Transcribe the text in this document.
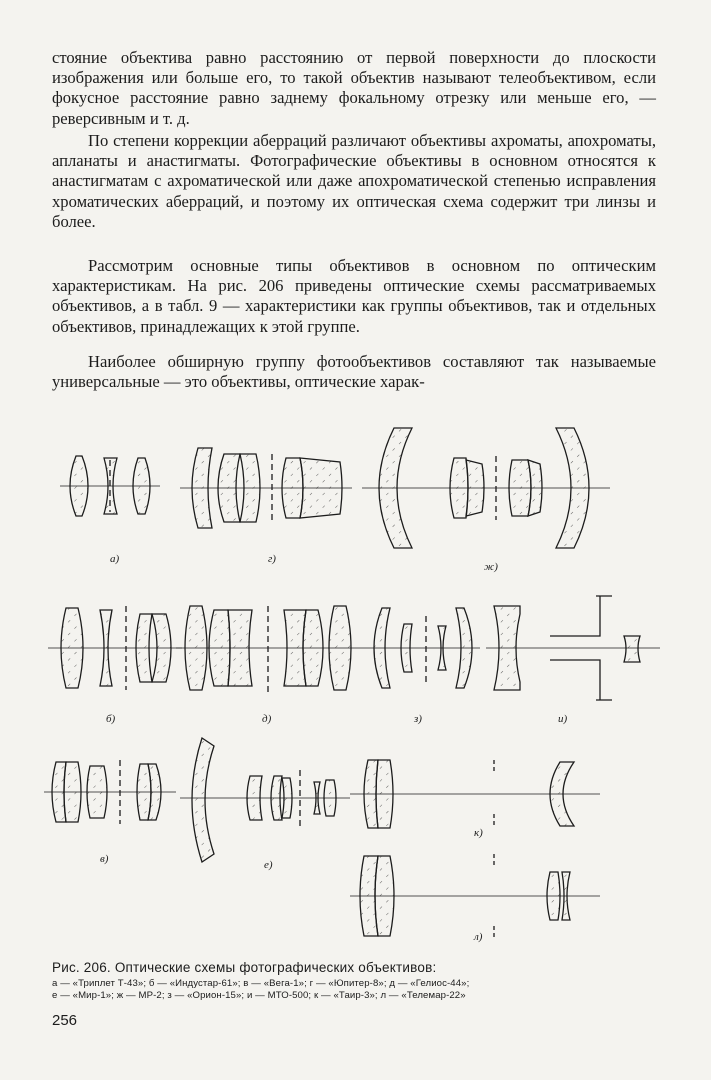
стояние объектива равно расстоянию от первой поверхности до плоскости изображения или больше его, то такой объектив называют телеобъективом, если фокусное расстояние равно заднему фокальному отрезку или меньше его, — реверсивным и т. д.

По степени коррекции аберраций различают объективы ахроматы, апохроматы, апланаты и анастигматы. Фотографические объективы в основном относятся к анастигматам с ахроматической или даже апохроматической степенью исправления хроматических аберраций, и поэтому их оптическая схема содержит три линзы и более.

Рассмотрим основные типы объективов в основном по оптическим характеристикам. На рис. 206 приведены оптические схемы рассматриваемых объективов, а в табл. 9 — характеристики как группы объективов, так и отдельных объективов, принадлежащих к этой группе.

Наиболее обширную группу фотообъективов составляют так называемые универсальные — это объективы, оптические харак-

а)	г)
ж)
б)	д)	з)	и)
в)	е)
к)
л)
Рис. 206. Оптические схемы фотографических объективов:
а — «Триплет Т-43»; б — «Индустар-61»; в — «Вега-1»; г — «Юпитер-8»; д — «Гелиос-44»;
е — «Мир-1»; ж — МР-2; з — «Орион-15»; и — МТО-500; к — «Таир-3»; л — «Телемар-22»
256
